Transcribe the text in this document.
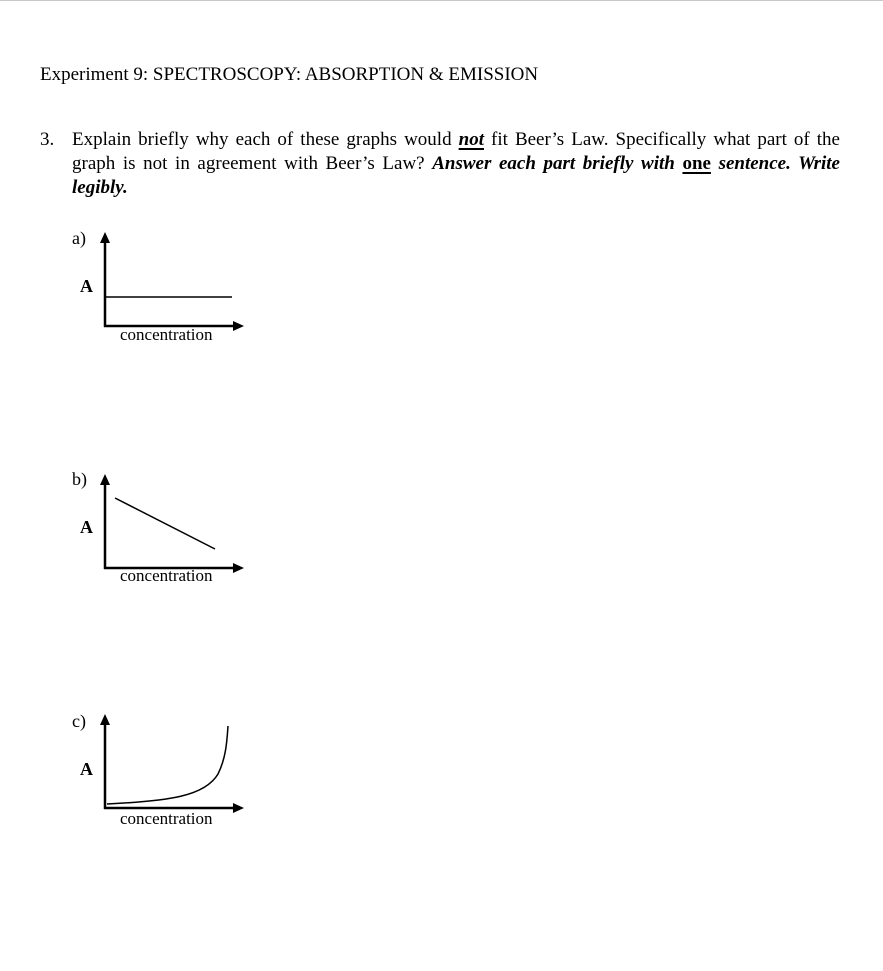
Experiment 9: SPECTROSCOPY: ABSORPTION & EMISSION
3. Explain briefly why each of these graphs would not fit Beer’s Law. Specifically what part of the graph is not in agreement with Beer’s Law? Answer each part briefly with one sentence. Write legibly.
a)
A
concentration
b)
A
concentration
c)
A
concentration
